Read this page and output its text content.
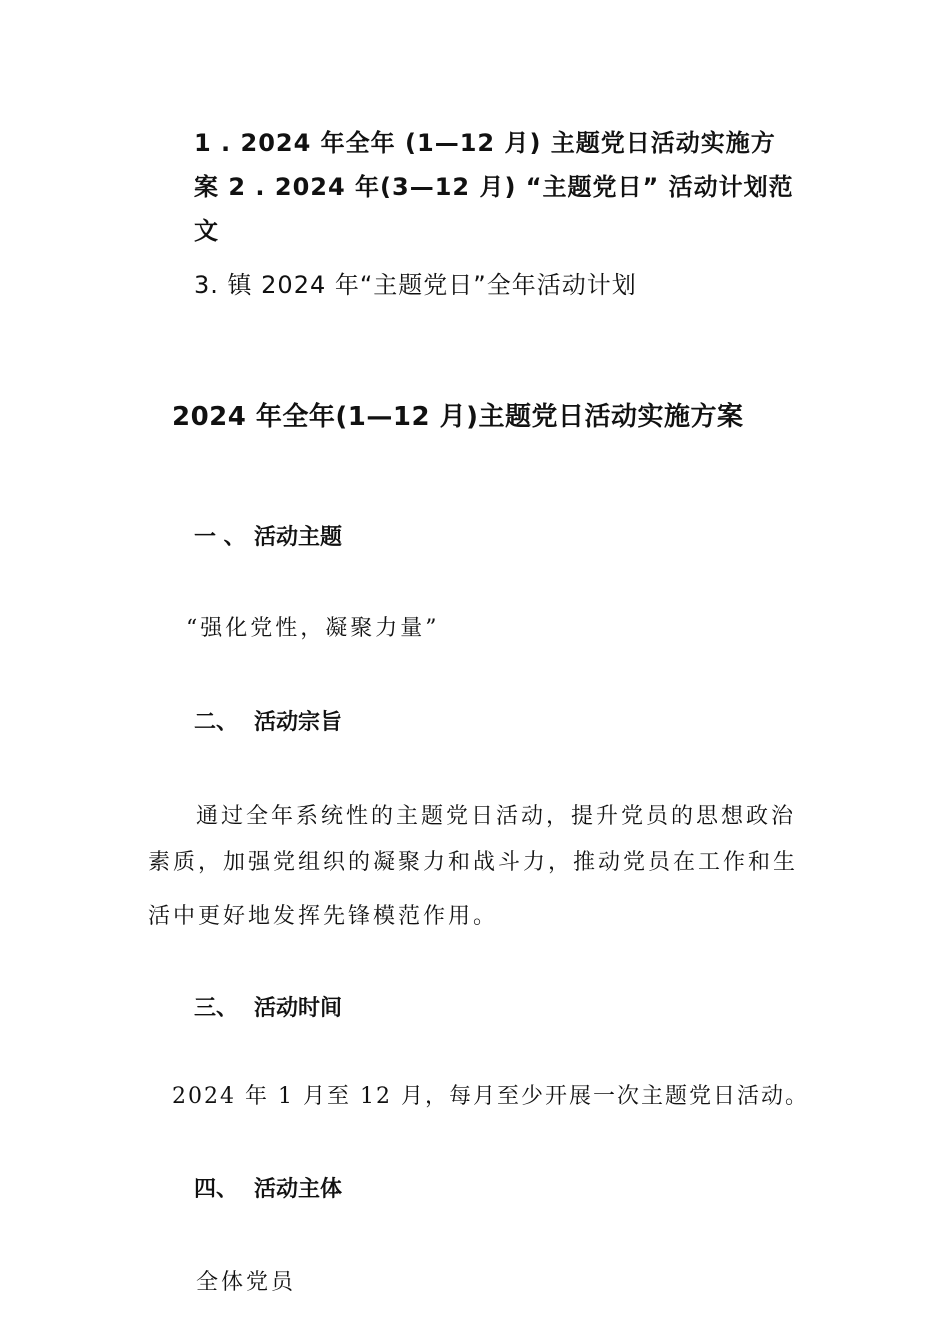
1 . 2024 年全年 (1—12 月) 主题党日活动实施方
案 2 . 2024 年(3—12 月) “主题党日” 活动计划范
文
3. 镇 2024 年“主题党日”全年活动计划
2024 年全年(1—12 月)主题党日活动实施方案
一 、 活动主题
“强化党性，凝聚力量”
二、 活动宗旨
通过全年系统性的主题党日活动，提升党员的思想政治
素质，加强党组织的凝聚力和战斗力，推动党员在工作和生
活中更好地发挥先锋模范作用。
三、 活动时间
2024 年 1 月至 12 月，每月至少开展一次主题党日活动。
四、 活动主体
全体党员
